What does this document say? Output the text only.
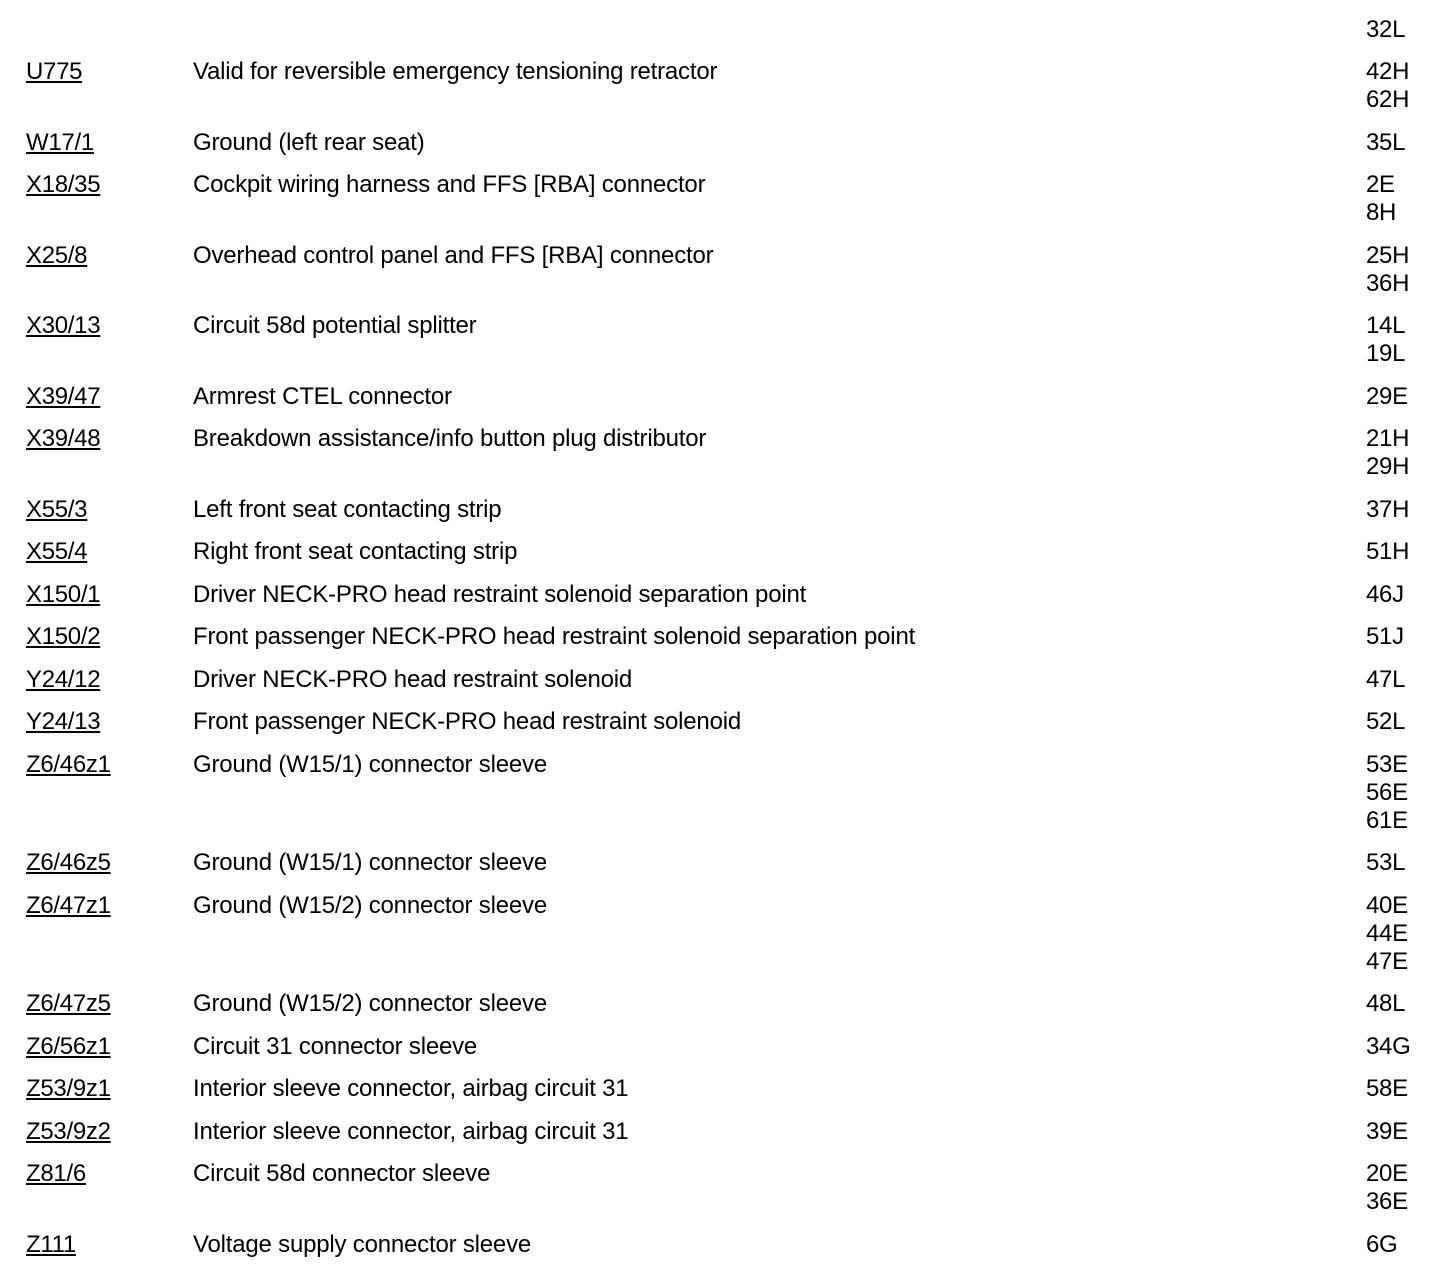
32L
U775	Valid for reversible emergency tensioning retractor	42H
62H
W17/1	Ground (left rear seat)	35L
X18/35	Cockpit wiring harness and FFS [RBA] connector	2E
8H
X25/8	Overhead control panel and FFS [RBA] connector	25H
36H
X30/13	Circuit 58d potential splitter	14L
19L
X39/47	Armrest CTEL connector	29E
X39/48	Breakdown assistance/info button plug distributor	21H
29H
X55/3	Left front seat contacting strip	37H
X55/4	Right front seat contacting strip	51H
X150/1	Driver NECK-PRO head restraint solenoid separation point	46J
X150/2	Front passenger NECK-PRO head restraint solenoid separation point	51J
Y24/12	Driver NECK-PRO head restraint solenoid	47L
Y24/13	Front passenger NECK-PRO head restraint solenoid	52L
Z6/46z1	Ground (W15/1) connector sleeve	53E
56E
61E
Z6/46z5	Ground (W15/1) connector sleeve	53L
Z6/47z1	Ground (W15/2) connector sleeve	40E
44E
47E
Z6/47z5	Ground (W15/2) connector sleeve	48L
Z6/56z1	Circuit 31 connector sleeve	34G
Z53/9z1	Interior sleeve connector, airbag circuit 31	58E
Z53/9z2	Interior sleeve connector, airbag circuit 31	39E
Z81/6	Circuit 58d connector sleeve	20E
36E
Z111	Voltage supply connector sleeve	6G
